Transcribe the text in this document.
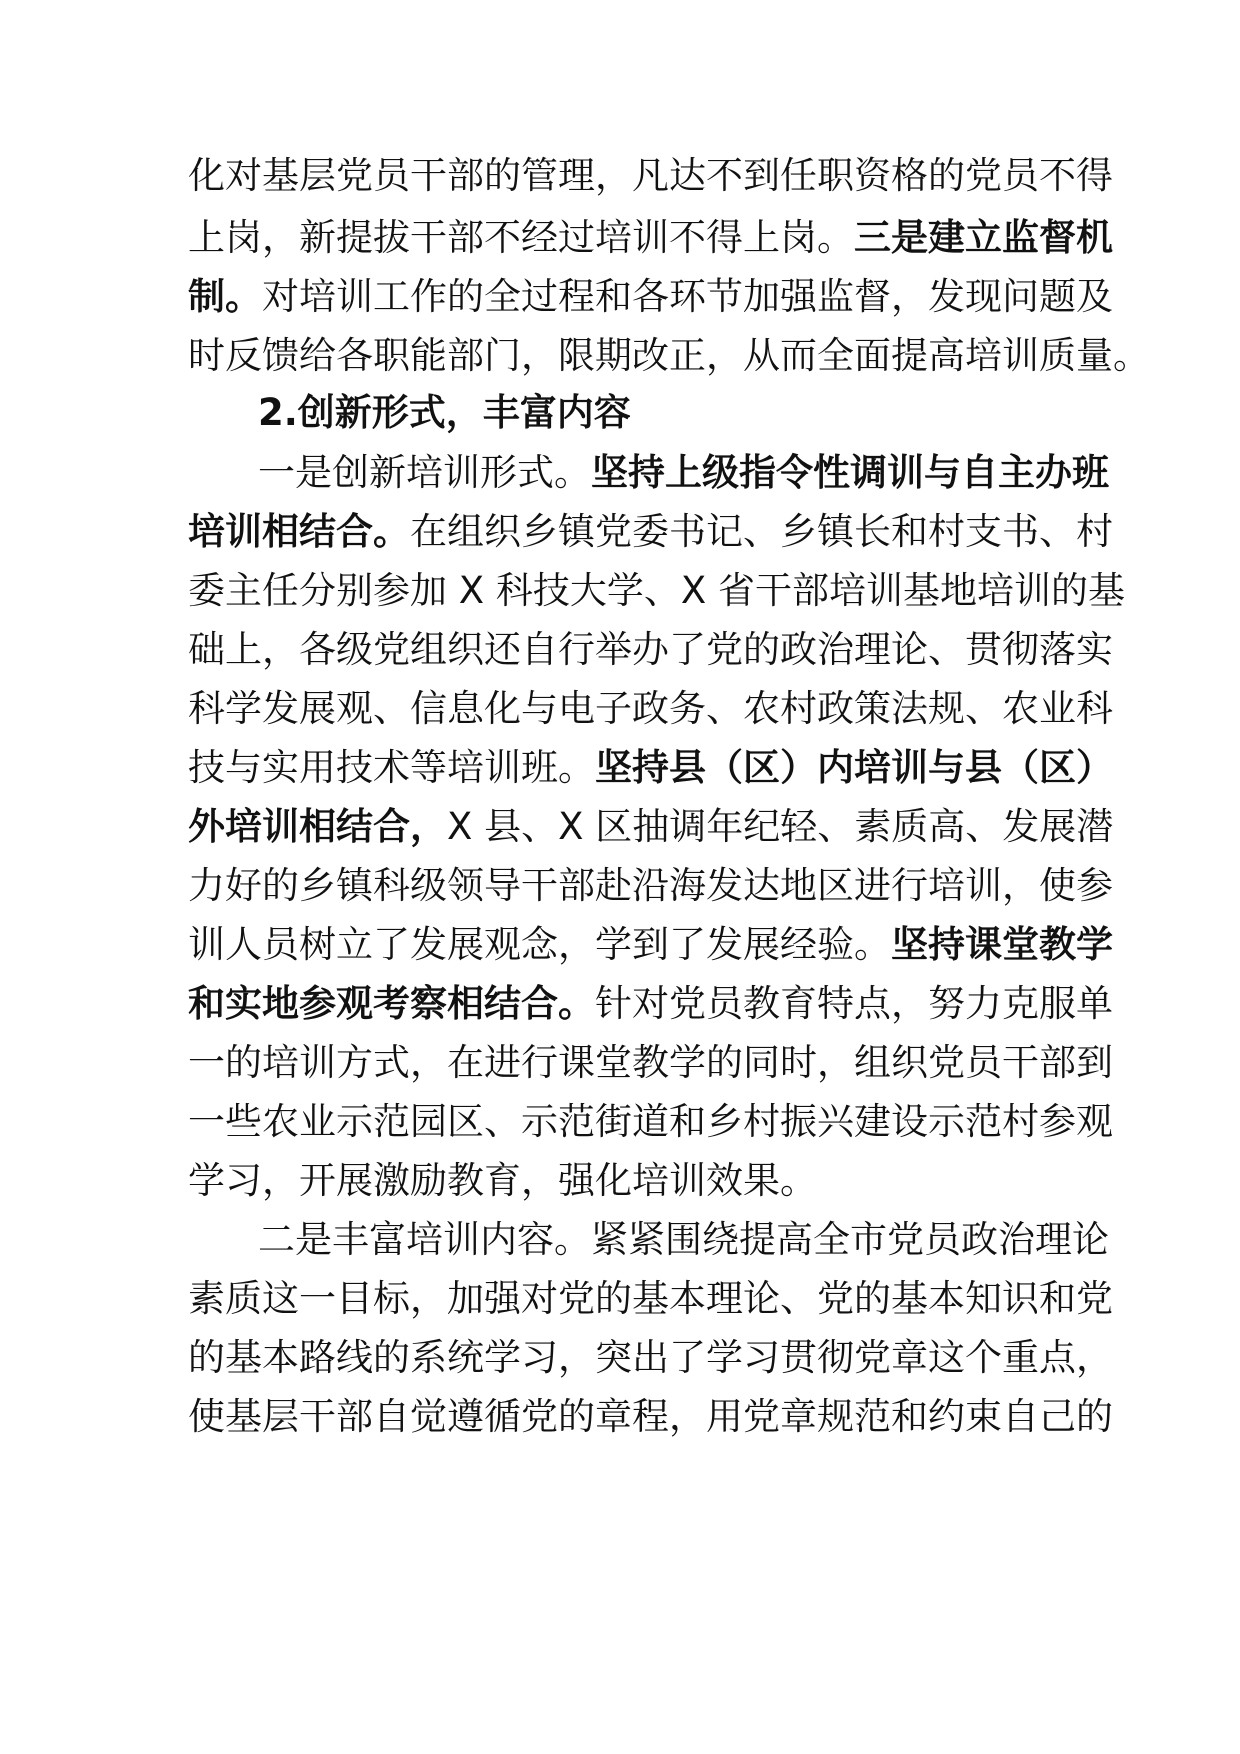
化对基层党员干部的管理，凡达不到任职资格的党员不得
上岗，新提拔干部不经过培训不得上岗。三是建立监督机
制。对培训工作的全过程和各环节加强监督，发现问题及
时反馈给各职能部门，限期改正，从而全面提高培训质量。
2.创新形式，丰富内容
一是创新培训形式。坚持上级指令性调训与自主办班
培训相结合。在组织乡镇党委书记、乡镇长和村支书、村
委主任分别参加 X 科技大学、X 省干部培训基地培训的基
础上，各级党组织还自行举办了党的政治理论、贯彻落实
科学发展观、信息化与电子政务、农村政策法规、农业科
技与实用技术等培训班。坚持县（区）内培训与县（区）
外培训相结合，X 县、X 区抽调年纪轻、素质高、发展潜
力好的乡镇科级领导干部赴沿海发达地区进行培训，使参
训人员树立了发展观念，学到了发展经验。坚持课堂教学
和实地参观考察相结合。针对党员教育特点，努力克服单
一的培训方式，在进行课堂教学的同时，组织党员干部到
一些农业示范园区、示范街道和乡村振兴建设示范村参观
学习，开展激励教育，强化培训效果。
二是丰富培训内容。紧紧围绕提高全市党员政治理论
素质这一目标，加强对党的基本理论、党的基本知识和党
的基本路线的系统学习，突出了学习贯彻党章这个重点，
使基层干部自觉遵循党的章程，用党章规范和约束自己的
